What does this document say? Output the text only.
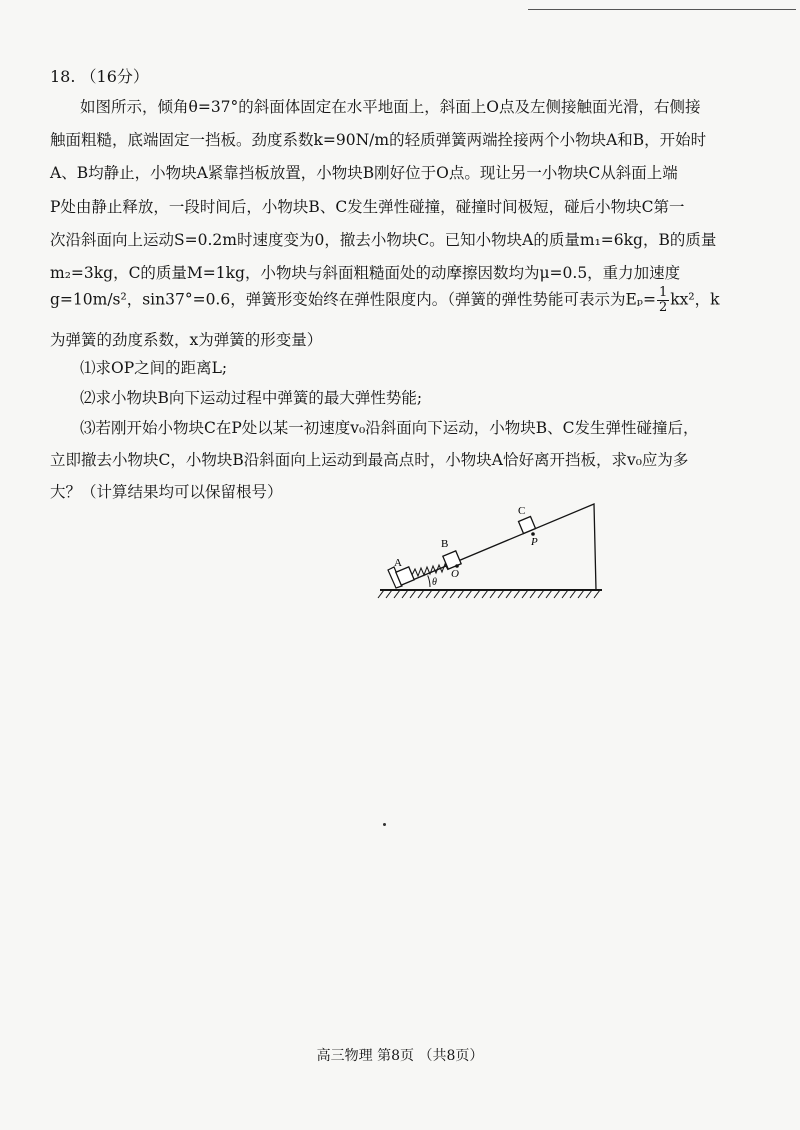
18. （16分）
如图所示，倾角θ=37°的斜面体固定在水平地面上，斜面上O点及左侧接触面光滑，右侧接
触面粗糙，底端固定一挡板。劲度系数k=90N/m的轻质弹簧两端拴接两个小物块A和B，开始时
A、B均静止，小物块A紧靠挡板放置，小物块B刚好位于O点。现让另一小物块C从斜面上端
P处由静止释放，一段时间后，小物块B、C发生弹性碰撞，碰撞时间极短，碰后小物块C第一
次沿斜面向上运动S=0.2m时速度变为0，撤去小物块C。已知小物块A的质量m₁=6kg，B的质量
m₂=3kg，C的质量M=1kg，小物块与斜面粗糙面处的动摩擦因数均为μ=0.5，重力加速度
g=10m/s²，sin37°=0.6，弹簧形变始终在弹性限度内。（弹簧的弹性势能可表示为$E_p= \frac{1}{2} kx^2$，k
为弹簧的劲度系数，x为弹簧的形变量）
⑴求OP之间的距离L;
⑵求小物块B向下运动过程中弹簧的最大弹性势能;
⑶若刚开始小物块C在P处以某一初速度v₀沿斜面向下运动，小物块B、C发生弹性碰撞后，
立即撤去小物块C，小物块B沿斜面向上运动到最高点时，小物块A恰好离开挡板，求v₀应为多
大？（计算结果均可以保留根号）
A
B
C
O
P
θ
高三物理 第8页 （共8页）
